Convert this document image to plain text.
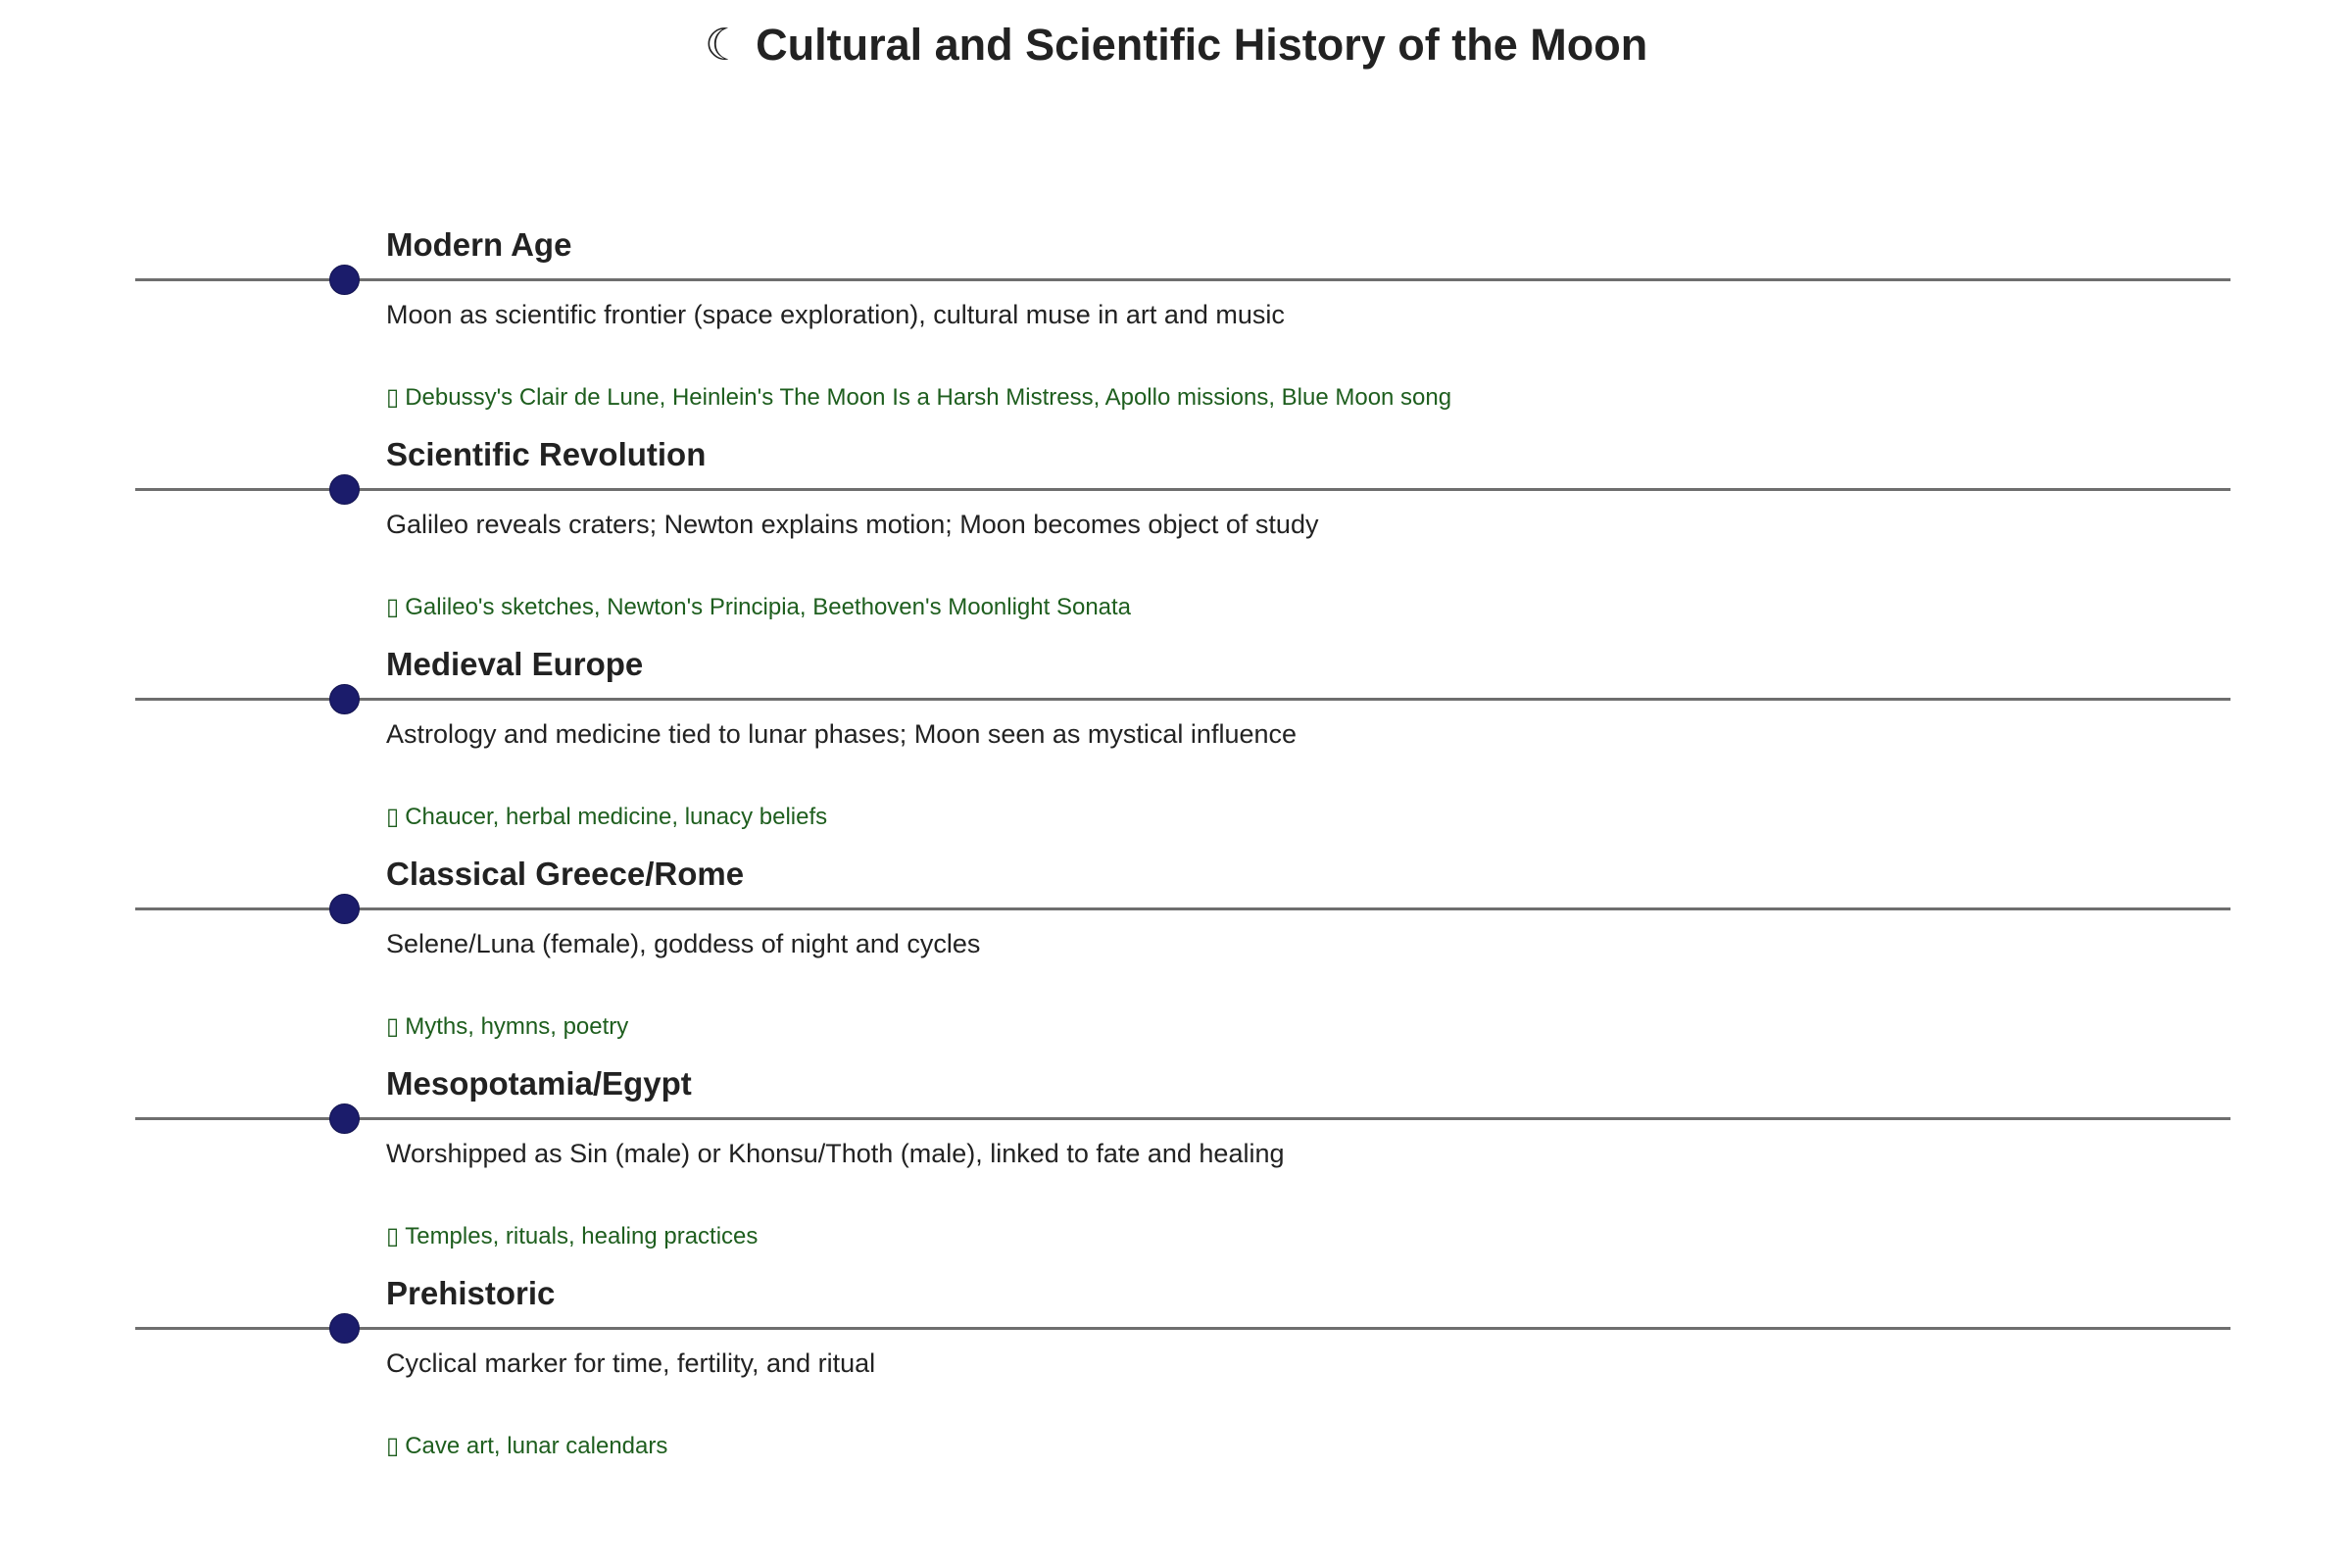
☾ Cultural and Scientific History of the Moon
Modern Age
Moon as scientific frontier (space exploration), cultural muse in art and music
▯ Debussy's Clair de Lune, Heinlein's The Moon Is a Harsh Mistress, Apollo missions, Blue Moon song
Scientific Revolution
Galileo reveals craters; Newton explains motion; Moon becomes object of study
▯ Galileo's sketches, Newton's Principia, Beethoven's Moonlight Sonata
Medieval Europe
Astrology and medicine tied to lunar phases; Moon seen as mystical influence
▯ Chaucer, herbal medicine, lunacy beliefs
Classical Greece/Rome
Selene/Luna (female), goddess of night and cycles
▯ Myths, hymns, poetry
Mesopotamia/Egypt
Worshipped as Sin (male) or Khonsu/Thoth (male), linked to fate and healing
▯ Temples, rituals, healing practices
Prehistoric
Cyclical marker for time, fertility, and ritual
▯ Cave art, lunar calendars
